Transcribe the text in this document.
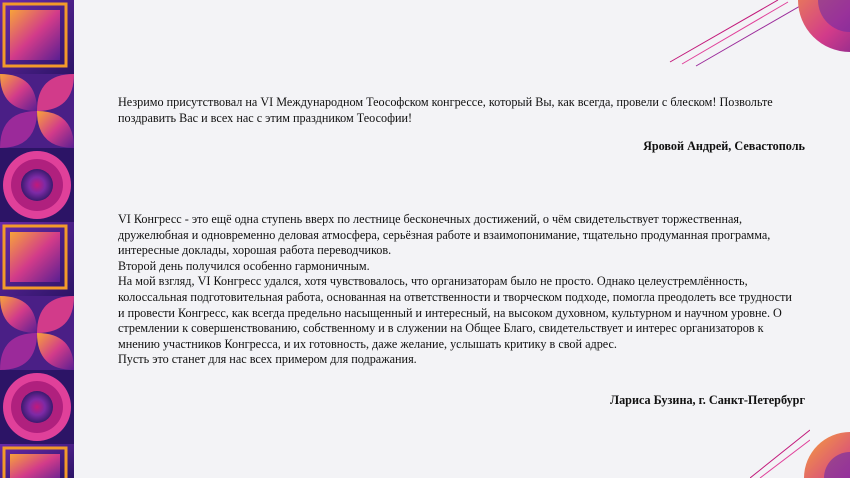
Незримо присутствовал на VI Международном Теософском конгрессе, который Вы, как всегда, провели с блеском! Позвольте
поздравить Вас и всех нас с этим праздником Теософии!
Яровой Андрей, Севастополь
VI Конгресс - это ещё одна ступень вверх по лестнице бесконечных достижений, о чём свидетельствует торжественная,
дружелюбная и одновременно деловая атмосфера, серьёзная работе и взаимопонимание, тщательно продуманная программа,
интересные доклады, хорошая работа переводчиков.
Второй день получился особенно гармоничным.
На мой взгляд, VI Конгресс удался, хотя чувствовалось, что организаторам было не просто. Однако целеустремлённость,
колоссальная подготовительная работа, основанная на ответственности и творческом подходе, помогла преодолеть все трудности
и провести Конгресс, как всегда предельно насыщенный и интересный, на высоком духовном, культурном и научном уровне. О
стремлении к совершенствованию, собственному и в служении на Общее Благо, свидетельствует и интерес организаторов к
мнению участников Конгресса, и их готовность, даже желание, услышать критику в свой адрес.
Пусть это станет для нас всех примером для подражания.
Лариса Бузина, г. Санкт-Петербург
